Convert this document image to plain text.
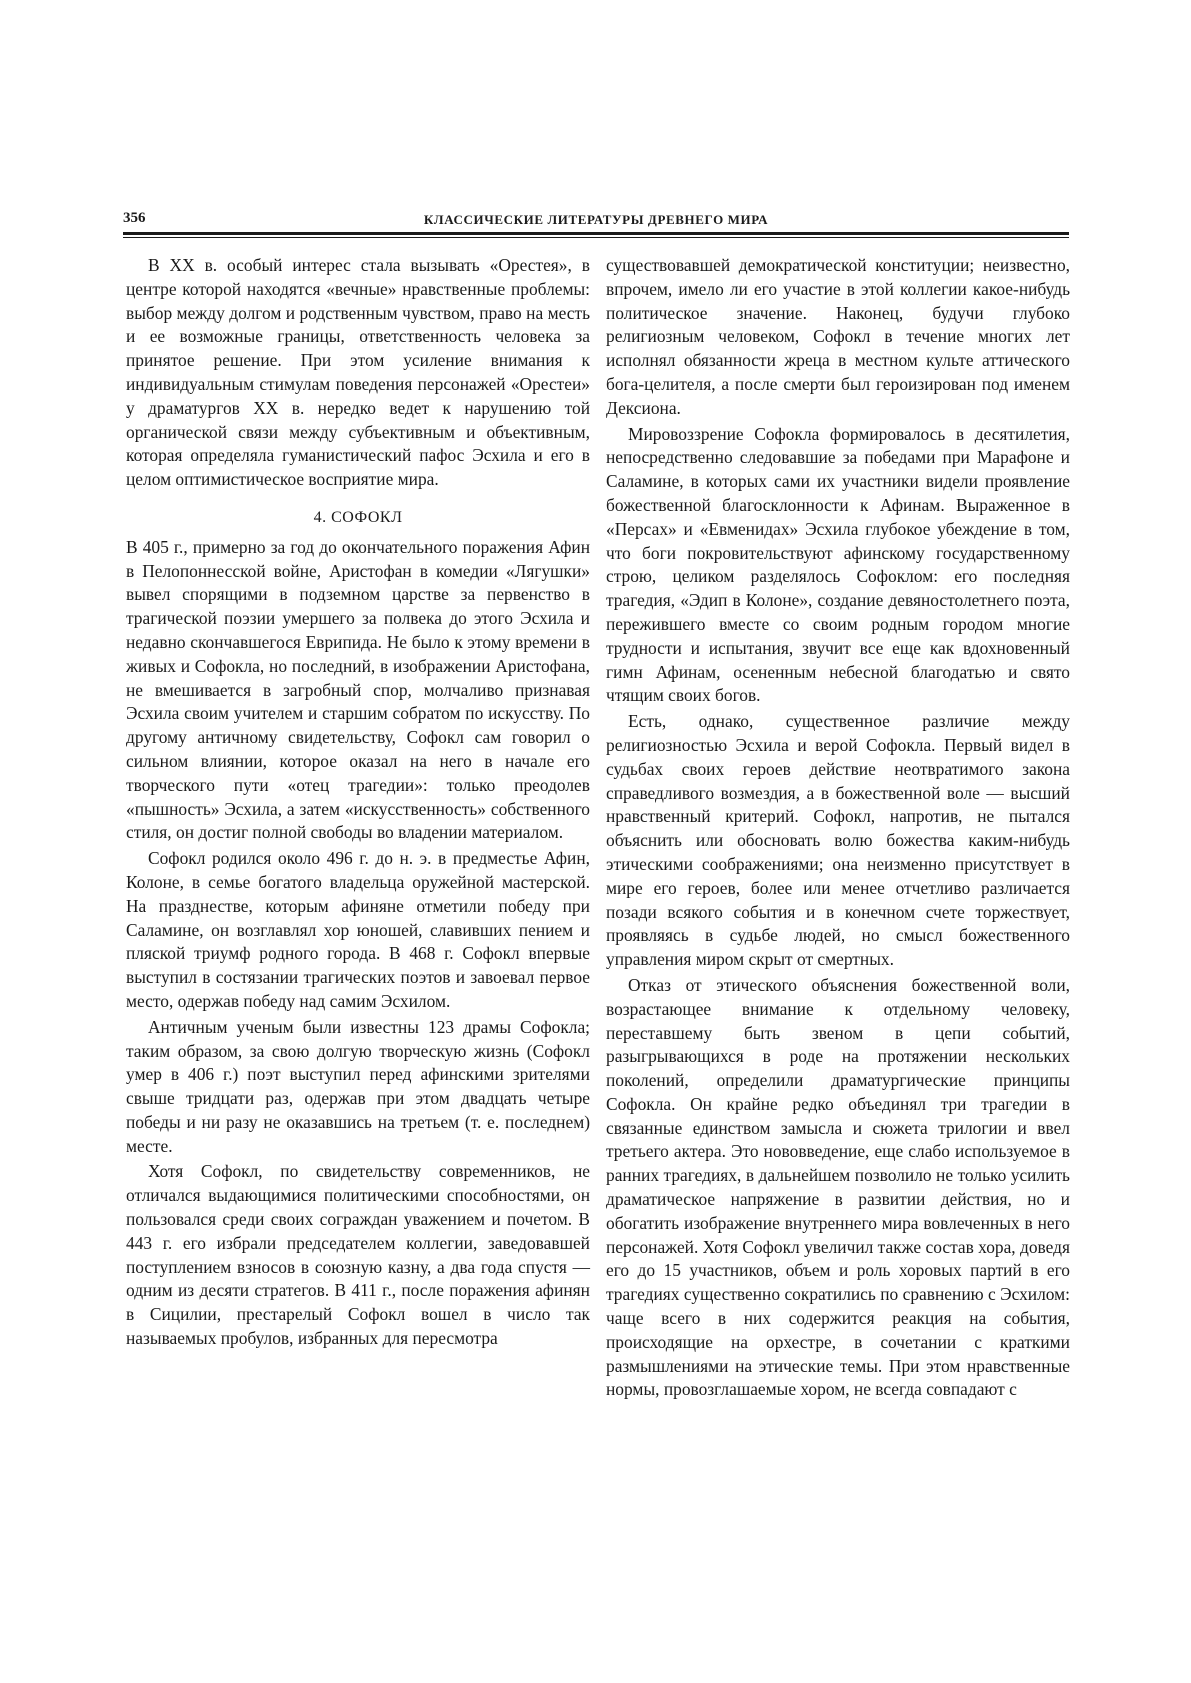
356	КЛАССИЧЕСКИЕ ЛИТЕРАТУРЫ ДРЕВНЕГО МИРА

В XX в. особый интерес стала вызывать «Орестея», в центре которой находятся «вечные» нравственные проблемы: выбор между долгом и родственным чувством, право на месть и ее возможные границы, ответственность человека за принятое решение. При этом усиление внимания к индивидуальным стимулам поведения персонажей «Орестеи» у драматургов XX в. нередко ведет к нарушению той органической связи между субъективным и объективным, которая определяла гуманистический пафос Эсхила и его в целом оптимистическое восприятие мира.

4. СОФОКЛ

В 405 г., примерно за год до окончательного поражения Афин в Пелопоннесской войне, Аристофан в комедии «Лягушки» вывел спорящими в подземном царстве за первенство в трагической поэзии умершего за полвека до этого Эсхила и недавно скончавшегося Еврипида. Не было к этому времени в живых и Софокла, но последний, в изображении Аристофана, не вмешивается в загробный спор, молчаливо признавая Эсхила своим учителем и старшим собратом по искусству. По другому античному свидетельству, Софокл сам говорил о сильном влиянии, которое оказал на него в начале его творческого пути «отец трагедии»: только преодолев «пышность» Эсхила, а затем «искусственность» собственного стиля, он достиг полной свободы во владении материалом.

Софокл родился около 496 г. до н. э. в предместье Афин, Колоне, в семье богатого владельца оружейной мастерской. На празднестве, которым афиняне отметили победу при Саламине, он возглавлял хор юношей, славивших пением и пляской триумф родного города. В 468 г. Софокл впервые выступил в состязании трагических поэтов и завоевал первое место, одержав победу над самим Эсхилом.

Античным ученым были известны 123 драмы Софокла; таким образом, за свою долгую творческую жизнь (Софокл умер в 406 г.) поэт выступил перед афинскими зрителями свыше тридцати раз, одержав при этом двадцать четыре победы и ни разу не оказавшись на третьем (т. е. последнем) месте.

Хотя Софокл, по свидетельству современников, не отличался выдающимися политическими способностями, он пользовался среди своих сограждан уважением и почетом. В 443 г. его избрали председателем коллегии, заведовавшей поступлением взносов в союзную казну, а два года спустя — одним из десяти стратегов. В 411 г., после поражения афинян в Сицилии, престарелый Софокл вошел в число так называемых пробулов, избранных для пересмотра

существовавшей демократической конституции; неизвестно, впрочем, имело ли его участие в этой коллегии какое-нибудь политическое значение. Наконец, будучи глубоко религиозным человеком, Софокл в течение многих лет исполнял обязанности жреца в местном культе аттического бога-целителя, а после смерти был героизирован под именем Дексиона.

Мировоззрение Софокла формировалось в десятилетия, непосредственно следовавшие за победами при Марафоне и Саламине, в которых сами их участники видели проявление божественной благосклонности к Афинам. Выраженное в «Персах» и «Евменидах» Эсхила глубокое убеждение в том, что боги покровительствуют афинскому государственному строю, целиком разделялось Софоклом: его последняя трагедия, «Эдип в Колоне», создание девяностолетнего поэта, пережившего вместе со своим родным городом многие трудности и испытания, звучит все еще как вдохновенный гимн Афинам, осененным небесной благодатью и свято чтящим своих богов.

Есть, однако, существенное различие между религиозностью Эсхила и верой Софокла. Первый видел в судьбах своих героев действие неотвратимого закона справедливого возмездия, а в божественной воле — высший нравственный критерий. Софокл, напротив, не пытался объяснить или обосновать волю божества каким-нибудь этическими соображениями; она неизменно присутствует в мире его героев, более или менее отчетливо различается позади всякого события и в конечном счете торжествует, проявляясь в судьбе людей, но смысл божественного управления миром скрыт от смертных.

Отказ от этического объяснения божественной воли, возрастающее внимание к отдельному человеку, переставшему быть звеном в цепи событий, разыгрывающихся в роде на протяжении нескольких поколений, определили драматургические принципы Софокла. Он крайне редко объединял три трагедии в связанные единством замысла и сюжета трилогии и ввел третьего актера. Это нововведение, еще слабо используемое в ранних трагедиях, в дальнейшем позволило не только усилить драматическое напряжение в развитии действия, но и обогатить изображение внутреннего мира вовлеченных в него персонажей. Хотя Софокл увеличил также состав хора, доведя его до 15 участников, объем и роль хоровых партий в его трагедиях существенно сократились по сравнению с Эсхилом: чаще всего в них содержится реакция на события, происходящие на орхестре, в сочетании с краткими размышлениями на этические темы. При этом нравственные нормы, провозглашаемые хором, не всегда совпадают с
